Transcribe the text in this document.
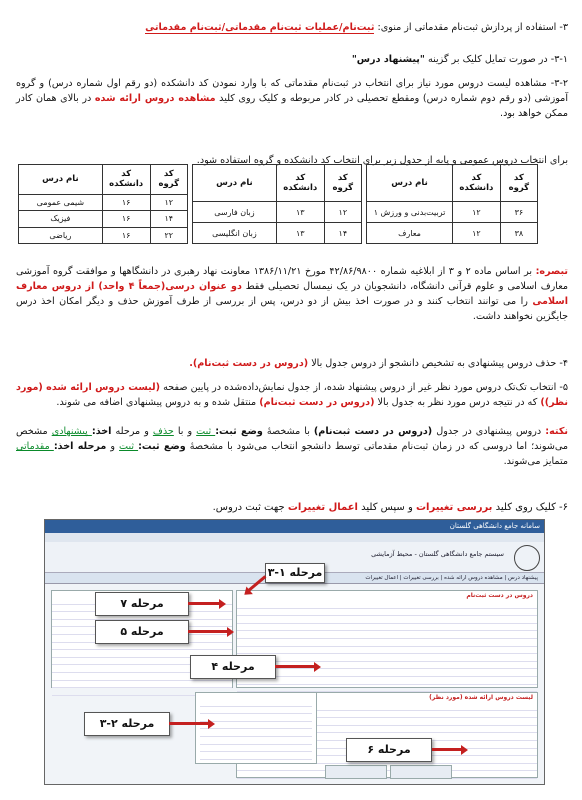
۳- استفاده از پردازش ثبت‌نام مقدماتی از منوی: ثبت‌نام/عملیات ثبت‌نام مقدماتی/ثبت‌نام مقدماتی

۳-۱- در صورت تمایل کلیک بر گزینه "پیشنهاد درس"

۳-۲- مشاهده لیست دروس مورد نیاز برای انتخاب در ثبت‌نام مقدماتی که با وارد نمودن کد دانشکده (دو رقم اول شماره درس) و گروه آموزشی (دو رقم دوم شماره درس) ومقطع تحصیلی در کادر مربوطه و کلیک روی کلید مشاهده دروس ارائه شده در بالای همان کادر ممکن خواهد بود.

برای انتخاب دروس عمومی و پایه از جدول زیر برای انتخاب کد دانشکده و گروه استفاده شود.

نام درس	کد دانشکده	کد گروه
تربیت‌بدنی و ورزش ۱	۱۲	۳۶
معارف	۱۲	۳۸
نام درس	کد دانشکده	کد گروه
زبان فارسی	۱۳	۱۲
زبان انگلیسی	۱۳	۱۴
نام درس	کد دانشکده	کد گروه
شیمی عمومی	۱۶	۱۲
فیزیک	۱۶	۱۴
ریاضی	۱۶	۲۲

تبصره: بر اساس ماده ۲ و ۳ از ابلاغیه شماره ۴۲/۸۶/۹۸۰۰ مورخ ۱۳۸۶/۱۱/۲۱ معاونت نهاد رهبری در دانشگاهها و موافقت گروه آموزشی معارف اسلامی و علوم قرآنی دانشگاه، دانشجویان در یک نیمسال تحصیلی فقط دو عنوان درسی(جمعاً ۴ واحد) از دروس معارف اسلامی را می توانند انتخاب کنند و در صورت اخذ بیش از دو درس، پس از بررسی از طرف آموزش حذف و دیگر امکان اخذ درس جایگزین نخواهند داشت.

۴- حذف دروس پیشنهادی به تشخیص دانشجو از دروس جدول بالا (دروس در دست ثبت‌نام).

۵- انتخاب تک‌تک دروس مورد نظر غیر از دروس پیشنهاد شده، از جدول نمایش‌داده‌شده در پایین صفحه (لیست دروس ارائه شده (مورد نظر)) که در نتیجه درس مورد نظر به جدول بالا (دروس در دست ثبت‌نام) منتقل شده و به دروس پیشنهادی اضافه می شوند.

نکته: دروس پیشنهادی در جدول (دروس در دست ثبت‌نام) با مشخصهٔ وضع ثبت: ثبت و با حذف و مرحله اخذ: پیشنهادی مشخص می‌شوند؛ اما دروسی که در زمان ثبت‌نام مقدماتی توسط دانشجو انتخاب می‌شود با مشخصهٔ وضع ثبت: ثبت و مرحله اخذ: مقدماتی متمایز می‌شوند.

۶- کلیک روی کلید بررسی تغییرات و سپس کلید اعمال تغییرات جهت ثبت دروس.

سامانه جامع دانشگاهی گلستان
سیستم جامع دانشگاهی گلستان - محیط آزمایشی
پیشنهاد درس | مشاهده دروس ارائه شده | بررسی تغییرات | اعمال تغییرات
دروس در دست ثبت‌نام
لیست دروس ارائه شده (مورد نظر)
مرحله ۱-۳
مرحله ۷
مرحله ۵
مرحله ۴
مرحله ۲-۳
مرحله ۶
